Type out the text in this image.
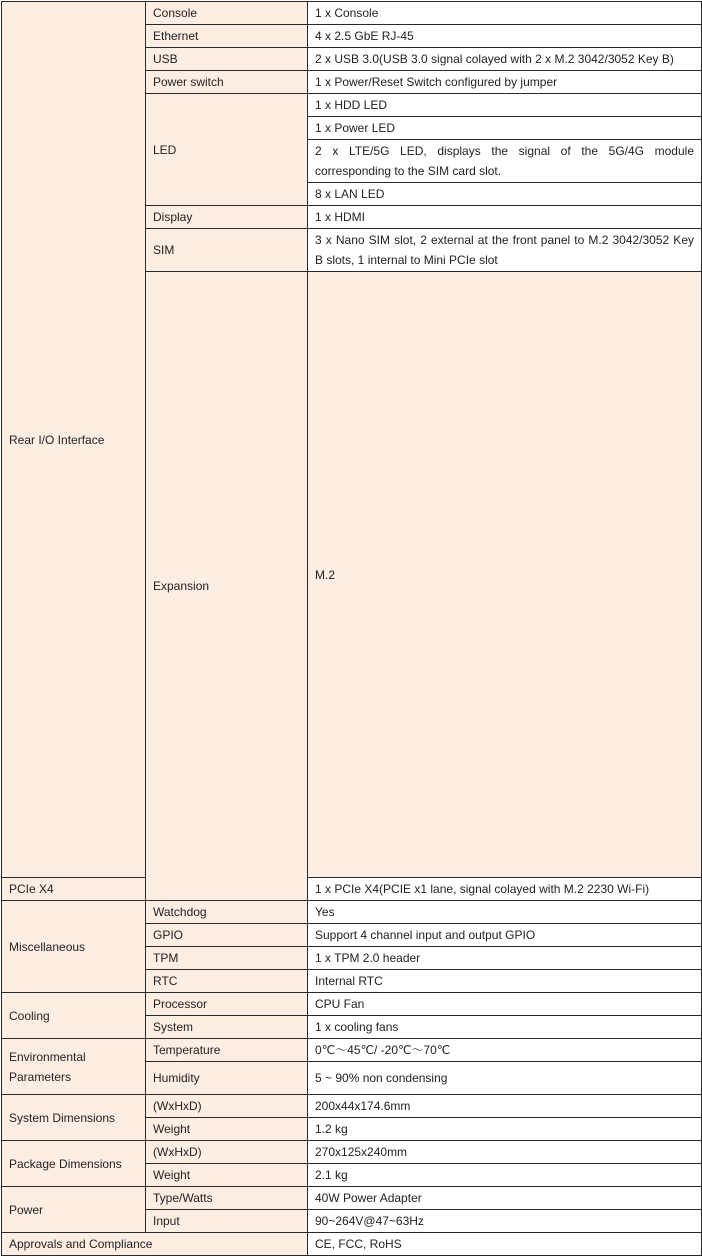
Rear I/O Interface	Console	1 x Console	
	Ethernet	4 x 2.5 GbE RJ-45	
	USB	2 x USB 3.0(USB 3.0 signal colayed with 2 x M.2 3042/3052 Key B)	
	Power switch	1 x Power/Reset Switch configured by jumper	
	LED	1 x HDD LED	
		1 x Power LED	
		2 x LTE/5G LED, displays the signal of the 5G/4G module corresponding to the SIM card slot.	
		8 x LAN LED	
	Display	1 x HDMI	
	SIM	3 x Nano SIM slot, 2 external at the front panel to M.2 3042/3052 Key B slots, 1 internal to Mini PCIe slot	
	Expansion	M.2	

PCIe X4		1 x PCIe X4(PCIE x1 lane, signal colayed with M.2 2230 Wi-Fi)	
Miscellaneous	Watchdog	Yes	
	GPIO	Support 4 channel input and output GPIO	
	TPM	1 x TPM 2.0 header	
	RTC	Internal RTC	
Cooling	Processor	CPU Fan	
	System	1 x cooling fans	
Environmental Parameters	Temperature	0℃～45℃/ -20℃～70℃	
	Humidity	5 ~ 90% non condensing	
System Dimensions	(WxHxD)	200x44x174.6mm	
	Weight	1.2 kg	
Package Dimensions	(WxHxD)	270x125x240mm	
	Weight	2.1 kg	
Power	Type/Watts	40W Power Adapter	
	Input	90~264V@47~63Hz	
Approvals and Compliance		CE, FCC, RoHS	
